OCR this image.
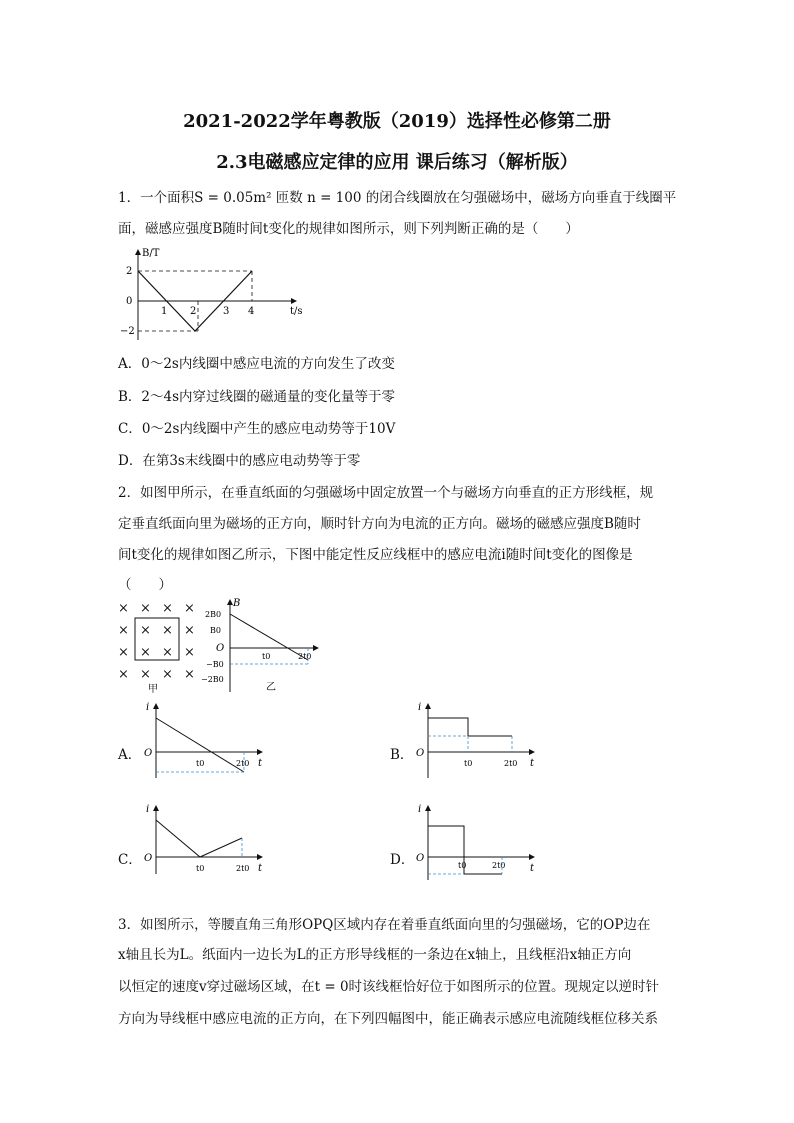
2021-2022学年粤教版（2019）选择性必修第二册
2.3电磁感应定律的应用 课后练习（解析版）
1．一个面积S = 0.05m² 匝数 n = 100 的闭合线圈放在匀强磁场中，磁场方向垂直于线圈平
面，磁感应强度B随时间t变化的规律如图所示，则下列判断正确的是（　　）
B/T
t/s
2
0
−2
1 2	3 4
A．0～2s内线圈中感应电流的方向发生了改变
B．2～4s内穿过线圈的磁通量的变化量等于零
C．0～2s内线圈中产生的感应电动势等于10V
D．在第3s末线圈中的感应电动势等于零
2．如图甲所示，在垂直纸面的匀强磁场中固定放置一个与磁场方向垂直的正方形线框，规
定垂直纸面向里为磁场的正方向，顺时针方向为电流的正方向。磁场的磁感应强度B随时
间t变化的规律如图乙所示，下图中能定性反应线框中的感应电流i随时间t变化的图像是
（　　）
× × × ×
× × × ×
× × × ×
× × × ×
甲
B
2B0
B0
O
−B0
−2B0
t0	2t0
乙
A．
i
t
O
t0	2t0
B．
i
t
O
t0	2t0
C．
i
t
O
t0	2t0
D．
i
t
O
t0	2t0
3．如图所示，等腰直角三角形OPQ区域内存在着垂直纸面向里的匀强磁场，它的OP边在
x轴且长为L。纸面内一边长为L的正方形导线框的一条边在x轴上，且线框沿x轴正方向
以恒定的速度v穿过磁场区域，在t = 0时该线框恰好位于如图所示的位置。现规定以逆时针
方向为导线框中感应电流的正方向，在下列四幅图中，能正确表示感应电流随线框位移关系
